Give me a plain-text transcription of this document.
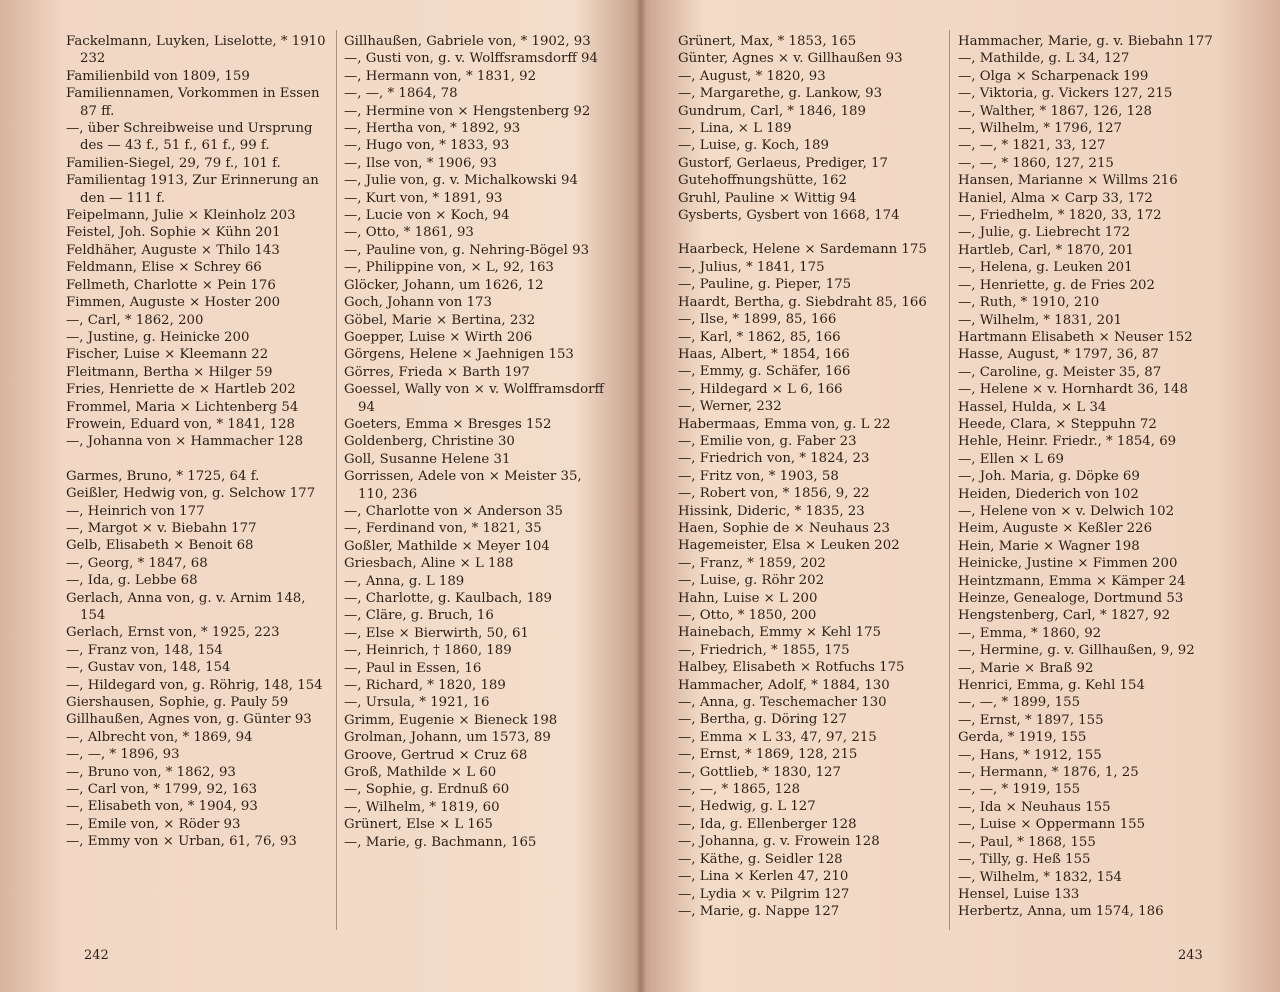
Fackelmann, Luyken, Liselotte, * 1910 232
Familienbild von 1809, 159
Familiennamen, Vorkommen in Essen 87 ff.
—, über Schreibweise und Ursprung des — 43 f., 51 f., 61 f., 99 f.
Familien-Siegel, 29, 79 f., 101 f.
Familientag 1913, Zur Erinnerung an den — 111 f.
Feipelmann, Julie × Kleinholz 203
Feistel, Joh. Sophie × Kühn 201
Feldhäher, Auguste × Thilo 143
Feldmann, Elise × Schrey 66
Fellmeth, Charlotte × Pein 176
Fimmen, Auguste × Hoster 200
—, Carl, * 1862, 200
—, Justine, g. Heinicke 200
Fischer, Luise × Kleemann 22
Fleitmann, Bertha × Hilger 59
Fries, Henriette de × Hartleb 202
Frommel, Maria × Lichtenberg 54
Frowein, Eduard von, * 1841, 128
—, Johanna von × Hammacher 128
Garmes, Bruno, * 1725, 64 f.
Geißler, Hedwig von, g. Selchow 177
—, Heinrich von 177
—, Margot × v. Biebahn 177
Gelb, Elisabeth × Benoit 68
—, Georg, * 1847, 68
—, Ida, g. Lebbe 68
Gerlach, Anna von, g. v. Arnim 148, 154
Gerlach, Ernst von, * 1925, 223
—, Franz von, 148, 154
—, Gustav von, 148, 154
—, Hildegard von, g. Röhrig, 148, 154
Giershausen, Sophie, g. Pauly 59
Gillhaußen, Agnes von, g. Günter 93
—, Albrecht von, * 1869, 94
—, —, * 1896, 93
—, Bruno von, * 1862, 93
—, Carl von, * 1799, 92, 163
—, Elisabeth von, * 1904, 93
—, Emile von, × Röder 93
—, Emmy von × Urban, 61, 76, 93
Gillhaußen, Gabriele von, * 1902, 93
—, Gusti von, g. v. Wolffsramsdorff 94
—, Hermann von, * 1831, 92
—, —, * 1864, 78
—, Hermine von × Hengstenberg 92
—, Hertha von, * 1892, 93
—, Hugo von, * 1833, 93
—, Ilse von, * 1906, 93
—, Julie von, g. v. Michalkowski 94
—, Kurt von, * 1891, 93
—, Lucie von × Koch, 94
—, Otto, * 1861, 93
—, Pauline von, g. Nehring-Bögel 93
—, Philippine von, × L, 92, 163
Glöcker, Johann, um 1626, 12
Goch, Johann von 173
Göbel, Marie × Bertina, 232
Goepper, Luise × Wirth 206
Görgens, Helene × Jaehnigen 153
Görres, Frieda × Barth 197
Goessel, Wally von × v. Wolfframsdorff 94
Goeters, Emma × Bresges 152
Goldenberg, Christine 30
Goll, Susanne Helene 31
Gorrissen, Adele von × Meister 35, 110, 236
—, Charlotte von × Anderson 35
—, Ferdinand von, * 1821, 35
Goßler, Mathilde × Meyer 104
Griesbach, Aline × L 188
—, Anna, g. L 189
—, Charlotte, g. Kaulbach, 189
—, Cläre, g. Bruch, 16
—, Else × Bierwirth, 50, 61
—, Heinrich, † 1860, 189
—, Paul in Essen, 16
—, Richard, * 1820, 189
—, Ursula, * 1921, 16
Grimm, Eugenie × Bieneck 198
Grolman, Johann, um 1573, 89
Groove, Gertrud × Cruz 68
Groß, Mathilde × L 60
—, Sophie, g. Erdnuß 60
—, Wilhelm, * 1819, 60
Grünert, Else × L 165
—, Marie, g. Bachmann, 165
242
Grünert, Max, * 1853, 165
Günter, Agnes × v. Gillhaußen 93
—, August, * 1820, 93
—, Margarethe, g. Lankow, 93
Gundrum, Carl, * 1846, 189
—, Lina, × L 189
—, Luise, g. Koch, 189
Gustorf, Gerlaeus, Prediger, 17
Gutehoffnungshütte, 162
Gruhl, Pauline × Wittig 94
Gysberts, Gysbert von 1668, 174
Haarbeck, Helene × Sardemann 175
—, Julius, * 1841, 175
—, Pauline, g. Pieper, 175
Haardt, Bertha, g. Siebdraht 85, 166
—, Ilse, * 1899, 85, 166
—, Karl, * 1862, 85, 166
Haas, Albert, * 1854, 166
—, Emmy, g. Schäfer, 166
—, Hildegard × L 6, 166
—, Werner, 232
Habermaas, Emma von, g. L 22
—, Emilie von, g. Faber 23
—, Friedrich von, * 1824, 23
—, Fritz von, * 1903, 58
—, Robert von, * 1856, 9, 22
Hissink, Dideric, * 1835, 23
Haen, Sophie de × Neuhaus 23
Hagemeister, Elsa × Leuken 202
—, Franz, * 1859, 202
—, Luise, g. Röhr 202
Hahn, Luise × L 200
—, Otto, * 1850, 200
Hainebach, Emmy × Kehl 175
—, Friedrich, * 1855, 175
Halbey, Elisabeth × Rotfuchs 175
Hammacher, Adolf, * 1884, 130
—, Anna, g. Teschemacher 130
—, Bertha, g. Döring 127
—, Emma × L 33, 47, 97, 215
—, Ernst, * 1869, 128, 215
—, Gottlieb, * 1830, 127
—, —, * 1865, 128
—, Hedwig, g. L 127
—, Ida, g. Ellenberger 128
—, Johanna, g. v. Frowein 128
—, Käthe, g. Seidler 128
—, Lina × Kerlen 47, 210
—, Lydia × v. Pilgrim 127
—, Marie, g. Nappe 127
Hammacher, Marie, g. v. Biebahn 177
—, Mathilde, g. L 34, 127
—, Olga × Scharpenack 199
—, Viktoria, g. Vickers 127, 215
—, Walther, * 1867, 126, 128
—, Wilhelm, * 1796, 127
—, —, * 1821, 33, 127
—, —, * 1860, 127, 215
Hansen, Marianne × Willms 216
Haniel, Alma × Carp 33, 172
—, Friedhelm, * 1820, 33, 172
—, Julie, g. Liebrecht 172
Hartleb, Carl, * 1870, 201
—, Helena, g. Leuken 201
—, Henriette, g. de Fries 202
—, Ruth, * 1910, 210
—, Wilhelm, * 1831, 201
Hartmann Elisabeth × Neuser 152
Hasse, August, * 1797, 36, 87
—, Caroline, g. Meister 35, 87
—, Helene × v. Hornhardt 36, 148
Hassel, Hulda, × L 34
Heede, Clara, × Steppuhn 72
Hehle, Heinr. Friedr., * 1854, 69
—, Ellen × L 69
—, Joh. Maria, g. Döpke 69
Heiden, Diederich von 102
—, Helene von × v. Delwich 102
Heim, Auguste × Keßler 226
Hein, Marie × Wagner 198
Heinicke, Justine × Fimmen 200
Heintzmann, Emma × Kämper 24
Heinze, Genealoge, Dortmund 53
Hengstenberg, Carl, * 1827, 92
—, Emma, * 1860, 92
—, Hermine, g. v. Gillhaußen, 9, 92
—, Marie × Braß 92
Henrici, Emma, g. Kehl 154
—, —, * 1899, 155
—, Ernst, * 1897, 155
Gerda, * 1919, 155
—, Hans, * 1912, 155
—, Hermann, * 1876, 1, 25
—, —, * 1919, 155
—, Ida × Neuhaus 155
—, Luise × Oppermann 155
—, Paul, * 1868, 155
—, Tilly, g. Heß 155
—, Wilhelm, * 1832, 154
Hensel, Luise 133
Herbertz, Anna, um 1574, 186
243
